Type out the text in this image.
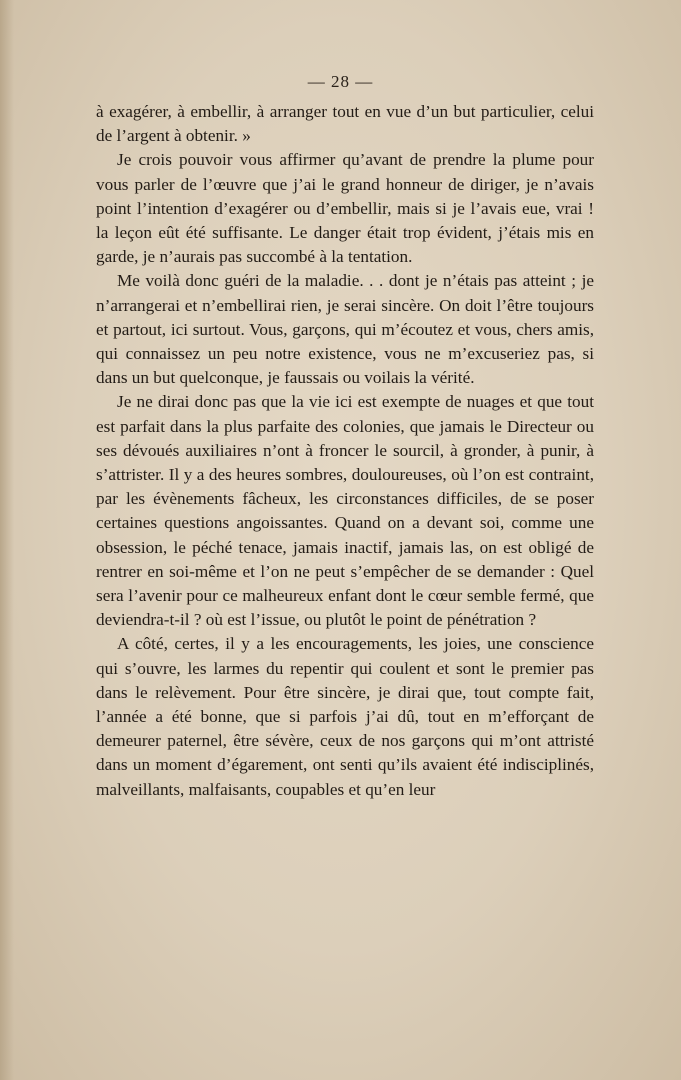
— 28 —

à exagérer, à embellir, à arranger tout en vue d’un but particulier, celui de l’argent à obtenir. »

Je crois pouvoir vous affirmer qu’avant de prendre la plume pour vous parler de l’œuvre que j’ai le grand honneur de diriger, je n’avais point l’intention d’exagérer ou d’embellir, mais si je l’avais eue, vrai ! la leçon eût été suffisante. Le danger était trop évident, j’étais mis en garde, je n’aurais pas succombé à la tentation.

Me voilà donc guéri de la maladie. . . dont je n’étais pas atteint ; je n’arrangerai et n’embellirai rien, je serai sincère. On doit l’être toujours et partout, ici surtout. Vous, garçons, qui m’écoutez et vous, chers amis, qui connaissez un peu notre existence, vous ne m’excuseriez pas, si dans un but quelconque, je faussais ou voilais la vérité.

Je ne dirai donc pas que la vie ici est exempte de nuages et que tout est parfait dans la plus parfaite des colonies, que jamais le Directeur ou ses dévoués auxiliaires n’ont à froncer le sourcil, à gronder, à punir, à s’attrister. Il y a des heures sombres, douloureuses, où l’on est contraint, par les évènements fâcheux, les circonstances difficiles, de se poser certaines questions angoissantes. Quand on a devant soi, comme une obsession, le péché tenace, jamais inactif, jamais las, on est obligé de rentrer en soi-même et l’on ne peut s’empêcher de se demander : Quel sera l’avenir pour ce malheureux enfant dont le cœur semble fermé, que deviendra-t-il ? où est l’issue, ou plutôt le point de pénétration ?

A côté, certes, il y a les encouragements, les joies, une conscience qui s’ouvre, les larmes du repentir qui coulent et sont le premier pas dans le relèvement. Pour être sincère, je dirai que, tout compte fait, l’année a été bonne, que si parfois j’ai dû, tout en m’efforçant de demeurer paternel, être sévère, ceux de nos garçons qui m’ont attristé dans un moment d’égarement, ont senti qu’ils avaient été indisciplinés, malveillants, malfaisants, coupables et qu’en leur
